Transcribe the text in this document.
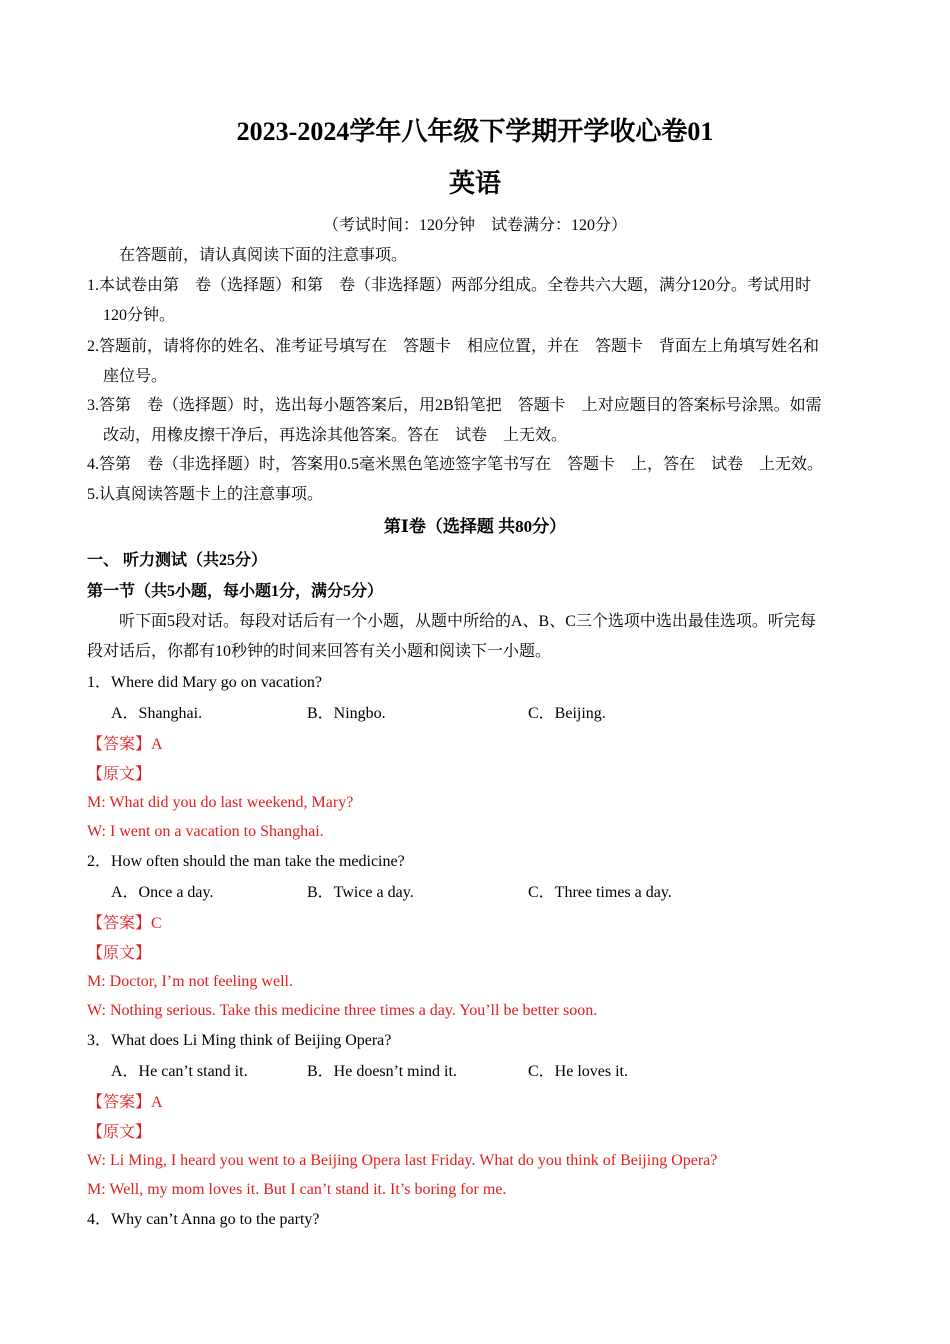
2023-2024学年八年级下学期开学收心卷01
英语
（考试时间：120分钟　试卷满分：120分）
在答题前，请认真阅读下面的注意事项。
1.本试卷由第　卷（选择题）和第　卷（非选择题）两部分组成。全卷共六大题，满分120分。考试用时
120分钟。
2.答题前，请将你的姓名、准考证号填写在　答题卡　相应位置，并在　答题卡　背面左上角填写姓名和
座位号。
3.答第　卷（选择题）时，选出每小题答案后，用2B铅笔把　答题卡　上对应题目的答案标号涂黑。如需
改动，用橡皮擦干净后，再选涂其他答案。答在　试卷　上无效。
4.答第　卷（非选择题）时，答案用0.5毫米黑色笔迹签字笔书写在　答题卡　上，答在　试卷　上无效。
5.认真阅读答题卡上的注意事项。
第Ⅰ卷（选择题 共80分）
一、 听力测试（共25分）
第一节（共5小题，每小题1分，满分5分）
听下面5段对话。每段对话后有一个小题，从题中所给的A、B、C三个选项中选出最佳选项。听完每
段对话后，你都有10秒钟的时间来回答有关小题和阅读下一小题。
1．Where did Mary go on vacation?
A．Shanghai.	B．Ningbo.	C．Beijing.
【答案】A
【原文】
M: What did you do last weekend, Mary?
W: I went on a vacation to Shanghai.
2．How often should the man take the medicine?
A．Once a day.	B．Twice a day.	C．Three times a day.
【答案】C
【原文】
M: Doctor, I’m not feeling well.
W: Nothing serious. Take this medicine three times a day. You’ll be better soon.
3．What does Li Ming think of Beijing Opera?
A．He can’t stand it.	B．He doesn’t mind it.	C．He loves it.
【答案】A
【原文】
W: Li Ming, I heard you went to a Beijing Opera last Friday. What do you think of Beijing Opera?
M: Well, my mom loves it. But I can’t stand it. It’s boring for me.
4．Why can’t Anna go to the party?
